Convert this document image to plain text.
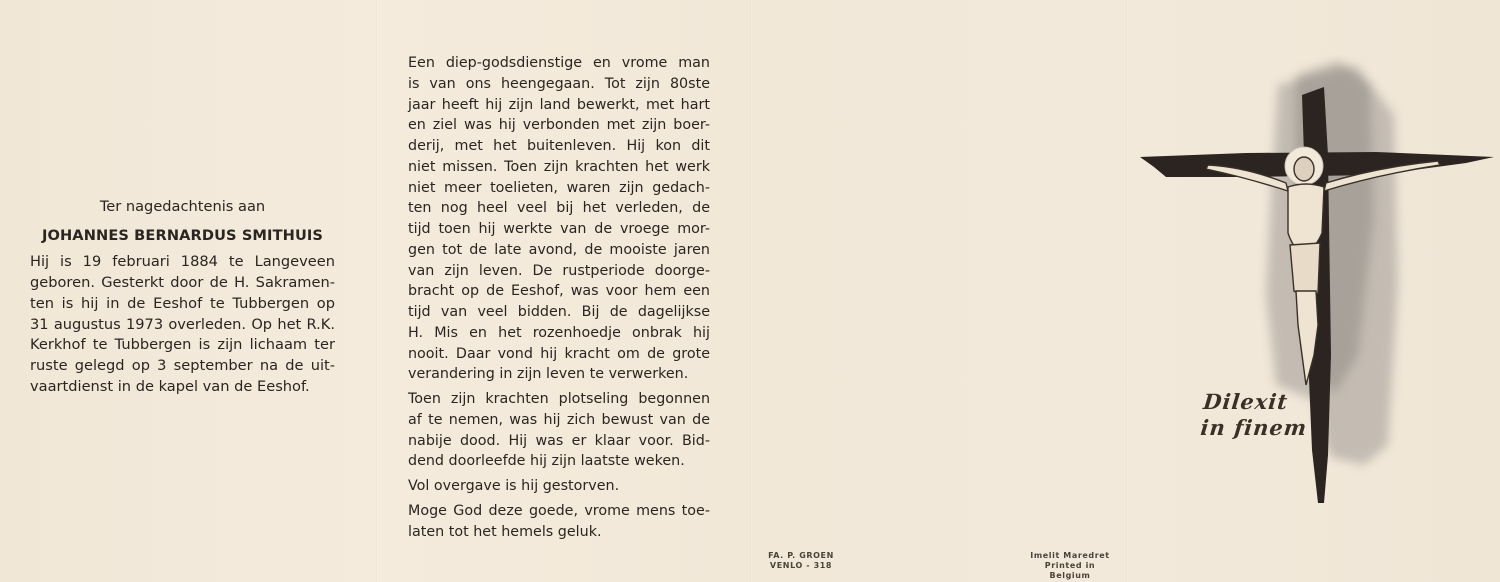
Ter nagedachtenis aan
JOHANNES BERNARDUS SMITHUIS
Hij is 19 februari 1884 te Langeveen
geboren. Gesterkt door de H. Sakramen-
ten is hij in de Eeshof te Tubbergen op
31 augustus 1973 overleden. Op het R.K.
Kerkhof te Tubbergen is zijn lichaam ter
ruste gelegd op 3 september na de uit-
vaartdienst in de kapel van de Eeshof.
Een diep-godsdienstige en vrome man
is van ons heengegaan. Tot zijn 80ste
jaar heeft hij zijn land bewerkt, met hart
en ziel was hij verbonden met zijn boer-
derij, met het buitenleven. Hij kon dit
niet missen. Toen zijn krachten het werk
niet meer toelieten, waren zijn gedach-
ten nog heel veel bij het verleden, de
tijd toen hij werkte van de vroege mor-
gen tot de late avond, de mooiste jaren
van zijn leven. De rustperiode doorge-
bracht op de Eeshof, was voor hem een
tijd van veel bidden. Bij de dagelijkse
H. Mis en het rozenhoedje onbrak hij
nooit. Daar vond hij kracht om de grote
verandering in zijn leven te verwerken.
Toen zijn krachten plotseling begonnen
af te nemen, was hij zich bewust van de
nabije dood. Hij was er klaar voor. Bid-
dend doorleefde hij zijn laatste weken.
Vol overgave is hij gestorven.
Moge God deze goede, vrome mens toe-
laten tot het hemels geluk.
FA. P. GROEN
VENLO - 318
Imelit Maredret
Printed in Belgium
Dilexit
in finem
